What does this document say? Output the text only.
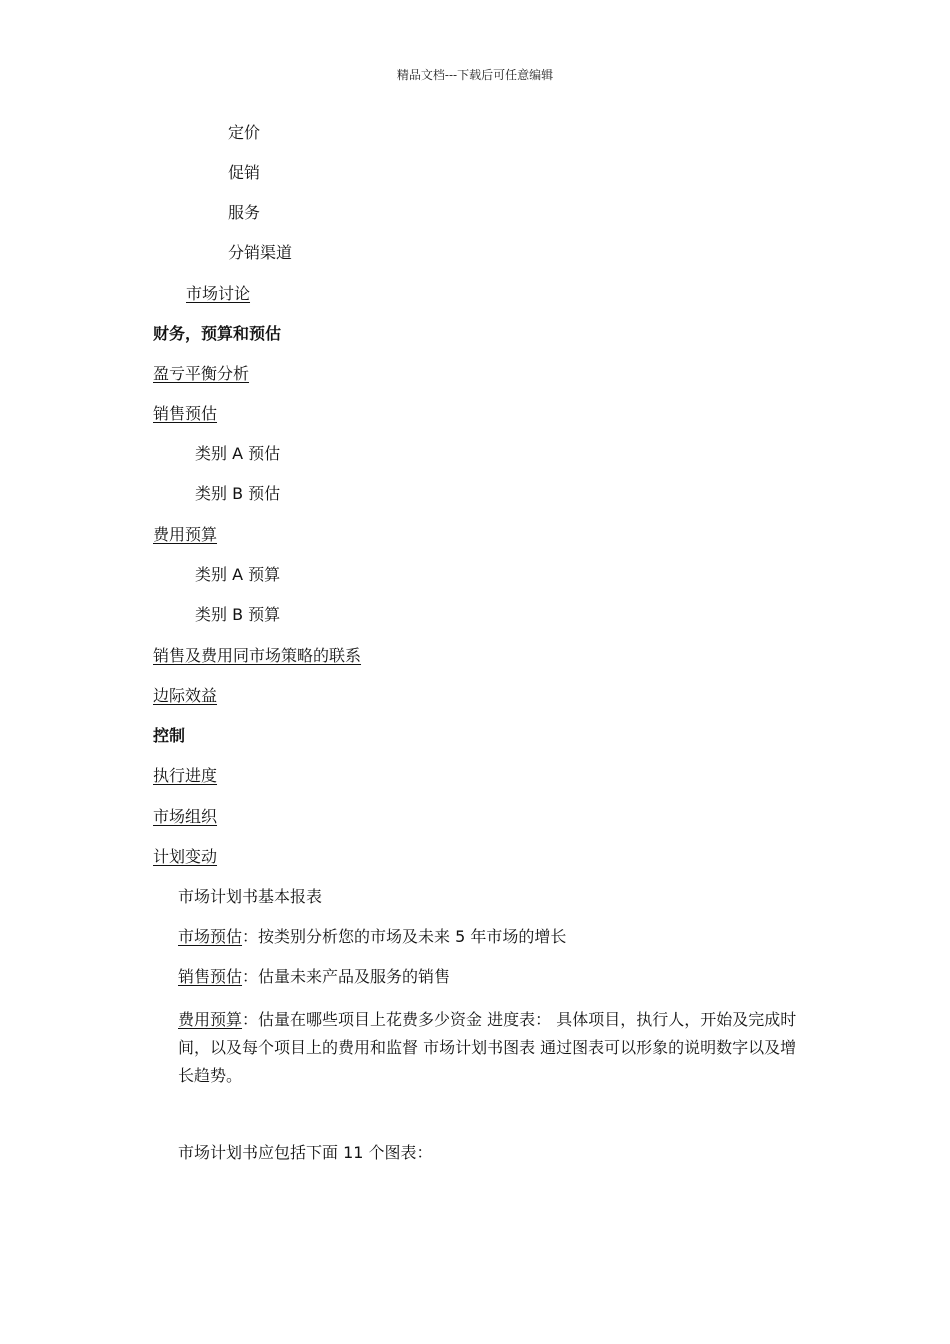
精品文档---下载后可任意编辑
定价
促销
服务
分销渠道
市场讨论
财务，预算和预估
盈亏平衡分析
销售预估
类别 A 预估
类别 B 预估
费用预算
类别 A 预算
类别 B 预算
销售及费用同市场策略的联系
边际效益
控制
执行进度
市场组织
计划变动
市场计划书基本报表
市场预估：按类别分析您的市场及未来 5 年市场的增长
销售预估：估量未来产品及服务的销售
费用预算：估量在哪些项目上花费多少资金 进度表： 具体项目，执行人，开始及完成时间，以及每个项目上的费用和监督 市场计划书图表 通过图表可以形象的说明数字以及增长趋势。
市场计划书应包括下面 11 个图表：
